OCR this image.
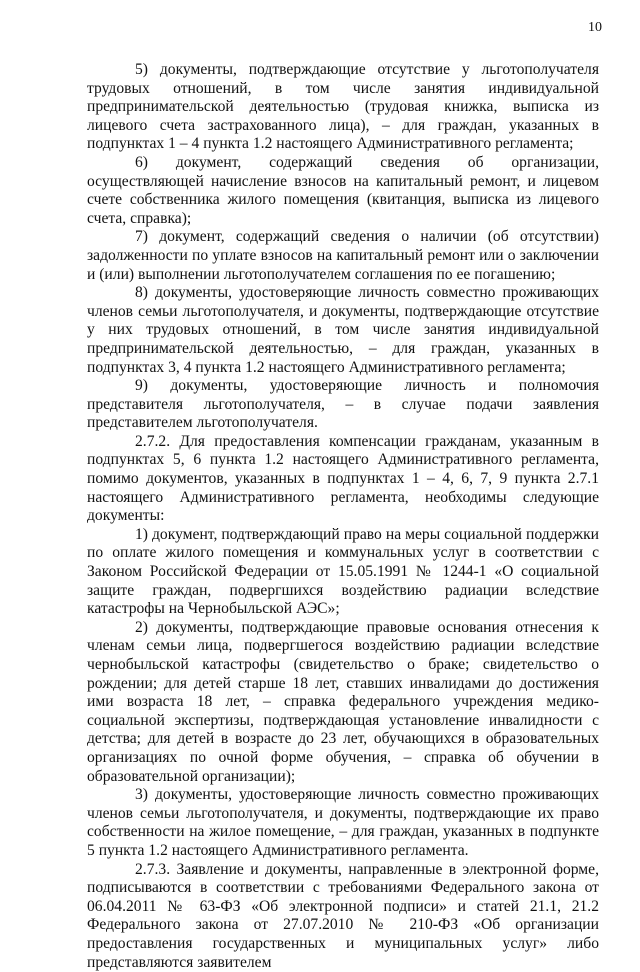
10

5) документы, подтверждающие отсутствие у льготополучателя трудовых отношений, в том числе занятия индивидуальной предпринимательской деятельностью (трудовая книжка, выписка из лицевого счета застрахованного лица), – для граждан, указанных в подпунктах 1 – 4 пункта 1.2 настоящего Административного регламента;

6) документ, содержащий сведения об организации, осуществляющей начисление взносов на капитальный ремонт, и лицевом счете собственника жилого помещения (квитанция, выписка из лицевого счета, справка);

7) документ, содержащий сведения о наличии (об отсутствии) задолженности по уплате взносов на капитальный ремонт или о заключении и (или) выполнении льготополучателем соглашения по ее погашению;

8) документы, удостоверяющие личность совместно проживающих членов семьи льготополучателя, и документы, подтверждающие отсутствие у них трудовых отношений, в том числе занятия индивидуальной предпринимательской деятельностью, – для граждан, указанных в подпунктах 3, 4 пункта 1.2 настоящего Административного регламента;

9) документы, удостоверяющие личность и полномочия представителя льготополучателя, – в случае подачи заявления представителем льготополучателя.

2.7.2. Для предоставления компенсации гражданам, указанным в подпунктах 5, 6 пункта 1.2 настоящего Административного регламента, помимо документов, указанных в подпунктах 1 – 4, 6, 7, 9 пункта 2.7.1 настоящего Административного регламента, необходимы следующие документы:

1) документ, подтверждающий право на меры социальной поддержки по оплате жилого помещения и коммунальных услуг в соответствии с Законом Российской Федерации от 15.05.1991 № 1244-1 «О социальной защите граждан, подвергшихся воздействию радиации вследствие катастрофы на Чернобыльской АЭС»;

2) документы, подтверждающие правовые основания отнесения к членам семьи лица, подвергшегося воздействию радиации вследствие чернобыльской катастрофы (свидетельство о браке; свидетельство о рождении; для детей старше 18 лет, ставших инвалидами до достижения ими возраста 18 лет, – справка федерального учреждения медико-социальной экспертизы, подтверждающая установление инвалидности с детства; для детей в возрасте до 23 лет, обучающихся в образовательных организациях по очной форме обучения, – справка об обучении в образовательной организации);

3) документы, удостоверяющие личность совместно проживающих членов семьи льготополучателя, и документы, подтверждающие их право собственности на жилое помещение, – для граждан, указанных в подпункте 5 пункта 1.2 настоящего Административного регламента.

2.7.3. Заявление и документы, направленные в электронной форме, подписываются в соответствии с требованиями Федерального закона от 06.04.2011 № 63-ФЗ «Об электронной подписи» и статей 21.1, 21.2 Федерального закона от 27.07.2010 № 210-ФЗ «Об организации предоставления государственных и муниципальных услуг» либо представляются заявителем
